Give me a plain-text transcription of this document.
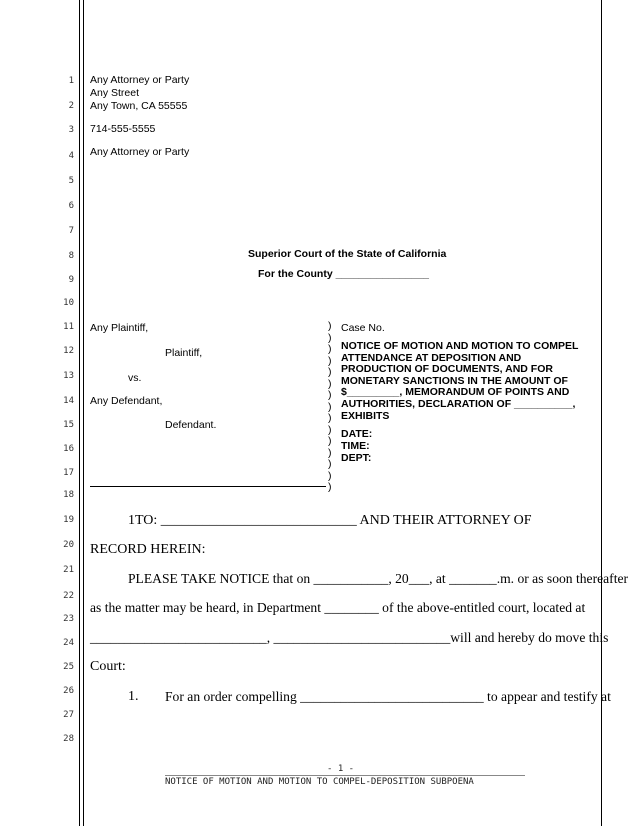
1
2
3
4
5
6
7
8
9
10
11
12
13
14
15
16
17
18
19
20
21
22
23
24
25
26
27
28
Any Attorney or Party
Any Street
Any Town, CA 55555
714-555-5555
Any Attorney or Party
Superior Court of the State of California
For the County ________________
Any Plaintiff,
Plaintiff,
vs.
Any Defendant,
Defendant.
)
)
)
)
)
)
)
)
)
)
)
)
)
)
)
Case No.
NOTICE OF MOTION AND MOTION TO COMPEL
ATTENDANCE AT DEPOSITION AND
PRODUCTION OF DOCUMENTS, AND FOR
MONETARY SANCTIONS IN THE AMOUNT OF
$_________, MEMORANDUM OF POINTS AND
AUTHORITIES, DECLARATION OF __________,
EXHIBITS
DATE:
TIME:
DEPT:
1TO: ____________________________ AND THEIR ATTORNEY OF
RECORD HEREIN:
PLEASE TAKE NOTICE that on ___________, 20___, at _______.m. or as soon thereafter
as the matter may be heard, in Department ________ of the above-entitled court, located at
__________________________, __________________________will and hereby do move this
Court:
1. For an order compelling ___________________________ to appear and testify at
- 1 -
NOTICE OF MOTION AND MOTION TO COMPEL-DEPOSITION SUBPOENA
